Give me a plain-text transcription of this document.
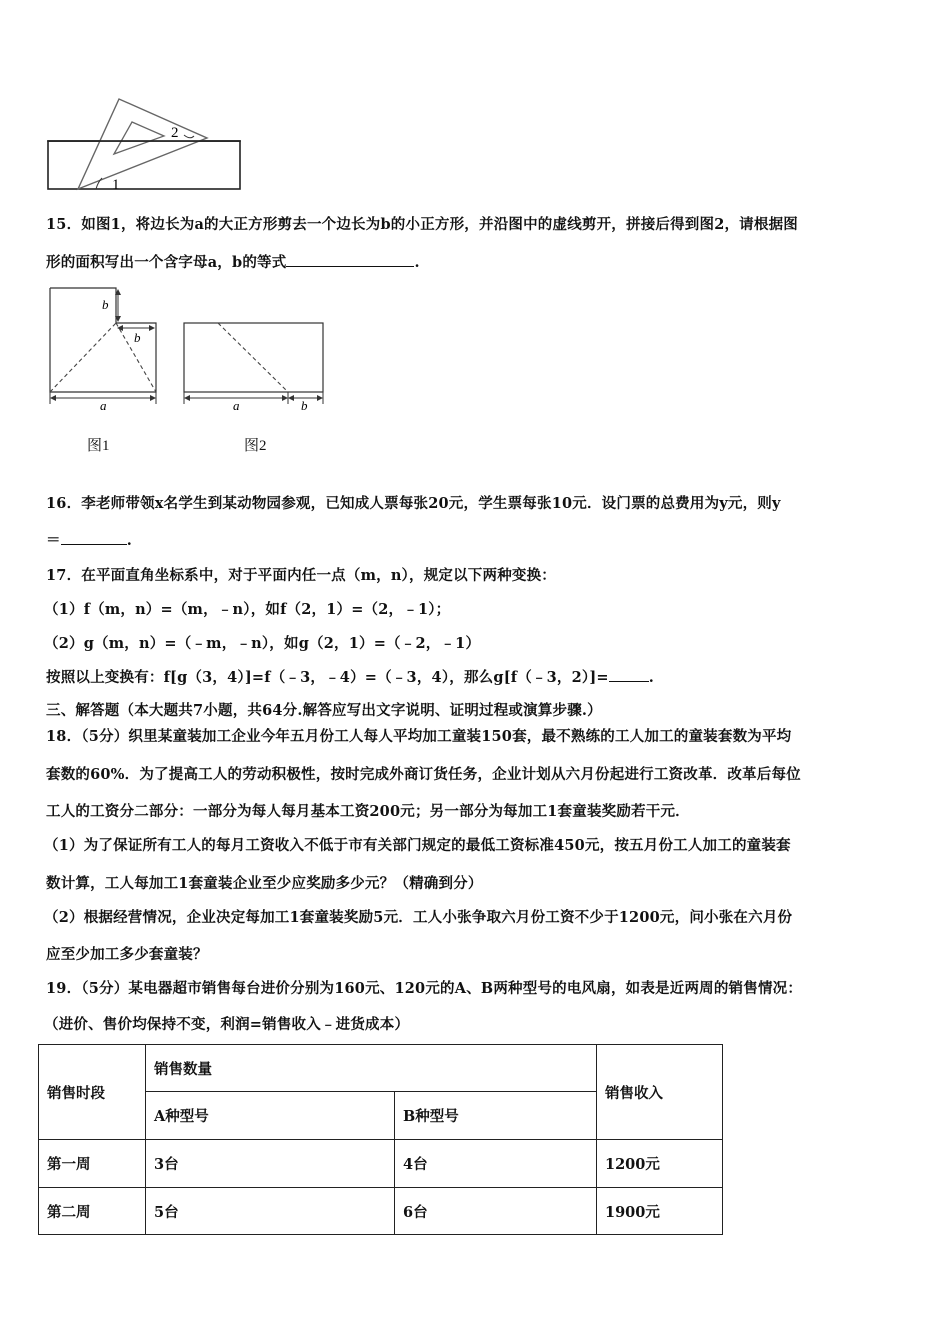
2
1
15．如图1，将边长为a的大正方形剪去一个边长为b的小正方形，并沿图中的虚线剪开，拼接后得到图2，请根据图
形的面积写出一个含字母a，b的等式	.
b
b
a	a	b
图1	图2
16．李老师带领x名学生到某动物园参观，已知成人票每张20元，学生票每张10元．设门票的总费用为y元，则y
＝	.
17．在平面直角坐标系中，对于平面内任一点（m，n），规定以下两种变换：
（1）f（m，n）=（m，﹣n），如f（2，1）=（2，﹣1）；
（2）g（m，n）=（﹣m，﹣n），如g（2，1）=（﹣2，﹣1）
按照以上变换有：f[g（3，4）]=f（﹣3，﹣4）=（﹣3，4），那么g[f（﹣3，2）]=	.
三、解答题（本大题共7小题，共64分.解答应写出文字说明、证明过程或演算步骤.）
18．（5分）织里某童装加工企业今年五月份工人每人平均加工童装150套，最不熟练的工人加工的童装套数为平均
套数的60%．为了提高工人的劳动积极性，按时完成外商订货任务，企业计划从六月份起进行工资改革．改革后每位
工人的工资分二部分：一部分为每人每月基本工资200元；另一部分为每加工1套童装奖励若干元．
（1）为了保证所有工人的每月工资收入不低于市有关部门规定的最低工资标准450元，按五月份工人加工的童装套
数计算，工人每加工1套童装企业至少应奖励多少元？（精确到分）
（2）根据经营情况，企业决定每加工1套童装奖励5元．工人小张争取六月份工资不少于1200元，问小张在六月份
应至少加工多少套童装？
19．（5分）某电器超市销售每台进价分别为160元、120元的A、B两种型号的电风扇，如表是近两周的销售情况：
（进价、售价均保持不变，利润=销售收入﹣进货成本）
销售时段	销售数量		销售收入
	A种型号	B种型号	
第一周	3台	4台	1200元
第二周	5台	6台	1900元
